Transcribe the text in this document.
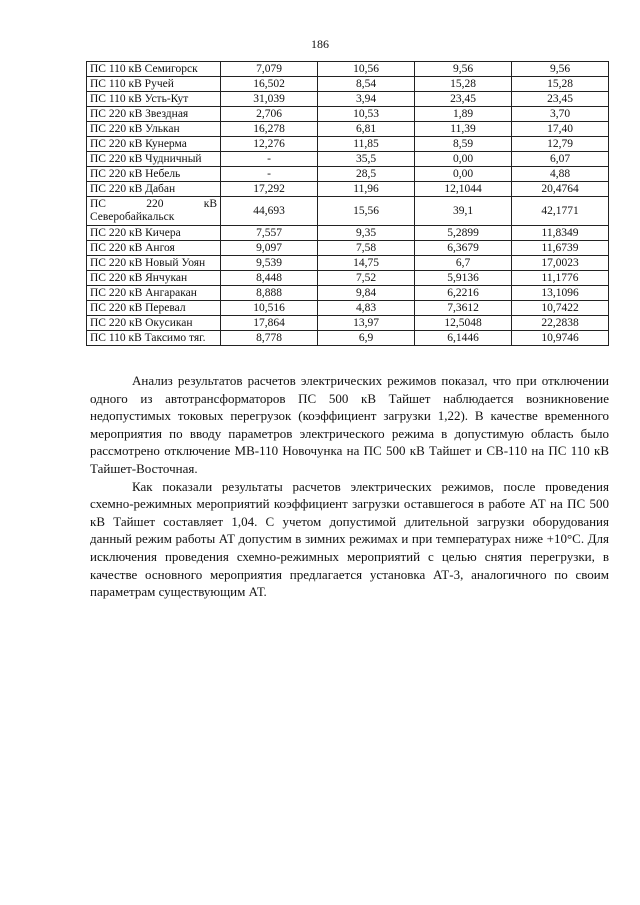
186
ПС 110 кВ Семигорск	7,079	10,56	9,56	9,56
ПС 110 кВ Ручей	16,502	8,54	15,28	15,28
ПС 110 кВ Усть-Кут	31,039	3,94	23,45	23,45
ПС 220 кВ Звездная	2,706	10,53	1,89	3,70
ПС 220 кВ Улькан	16,278	6,81	11,39	17,40
ПС 220 кВ Кунерма	12,276	11,85	8,59	12,79
ПС 220 кВ Чудничный	-	35,5	0,00	6,07
ПС 220 кВ Небель	-	28,5	0,00	4,88
ПС 220 кВ Дабан	17,292	11,96	12,1044	20,4764

ПС 220 кВ
Северобайкальск	44,693	15,56	39,1	42,1771
ПС 220 кВ Кичера	7,557	9,35	5,2899	11,8349
ПС 220 кВ Ангоя	9,097	7,58	6,3679	11,6739
ПС 220 кВ Новый Уоян	9,539	14,75	6,7	17,0023
ПС 220 кВ Янчукан	8,448	7,52	5,9136	11,1776
ПС 220 кВ Ангаракан	8,888	9,84	6,2216	13,1096
ПС 220 кВ Перевал	10,516	4,83	7,3612	10,7422
ПС 220 кВ Окусикан	17,864	13,97	12,5048	22,2838
ПС 110 кВ Таксимо тяг.	8,778	6,9	6,1446	10,9746

Анализ результатов расчетов электрических режимов показал, что при отключении одного из автотрансформаторов ПС 500 кВ Тайшет наблюдается возникновение недопустимых токовых перегрузок (коэффициент загрузки 1,22). В качестве временного мероприятия по вводу параметров электрического режима в допустимую область было рассмотрено отключение МВ-110 Новочунка на ПС 500 кВ Тайшет и СВ-110 на ПС 110 кВ Тайшет-Восточная.

Как показали результаты расчетов электрических режимов, после проведения схемно-режимных мероприятий коэффициент загрузки оставшегося в работе АТ на ПС 500 кВ Тайшет составляет 1,04. С учетом допустимой длительной загрузки оборудования данный режим работы АТ допустим в зимних режимах и при температурах ниже +10°С. Для исключения проведения схемно-режимных мероприятий с целью снятия перегрузки, в качестве основного мероприятия предлагается установка АТ-3, аналогичного по своим параметрам существующим АТ.
